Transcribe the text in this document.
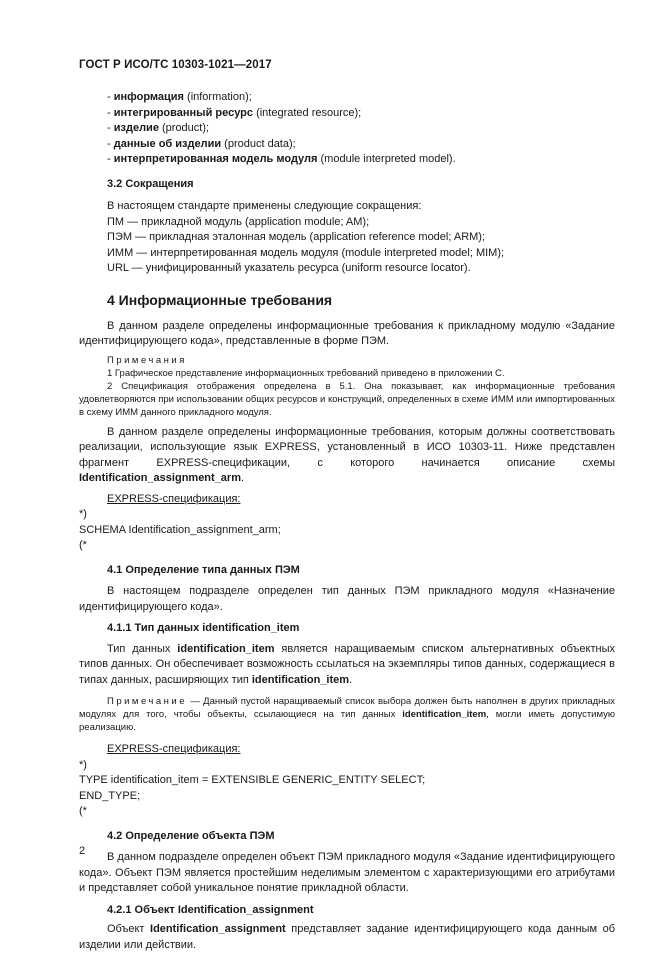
ГОСТ Р ИСО/ТС 10303-1021—2017

- информация (information);

- интегрированный ресурс (integrated resource);

- изделие (product);

- данные об изделии (product data);

- интерпретированная модель модуля (module interpreted model).

3.2 Сокращения

В настоящем стандарте применены следующие сокращения:

ПМ — прикладной модуль (application module; AM);

ПЭМ — прикладная эталонная модель (application reference model; ARM);

ИММ — интерпретированная модель модуля (module interpreted model; MIM);

URL — унифицированный указатель ресурса (uniform resource locator).

4 Информационные требования

В данном разделе определены информационные требования к прикладному модулю «Задание идентифицирующего кода», представленные в форме ПЭМ.

Примечания

1 Графическое представление информационных требований приведено в приложении С.

2 Спецификация отображения определена в 5.1. Она показывает, как информационные требования удовлетворяются при использовании общих ресурсов и конструкций, определенных в схеме ИММ или импортированных в схему ИММ данного прикладного модуля.

В данном разделе определены информационные требования, которым должны соответствовать реализации, использующие язык EXPRESS, установленный в ИСО 10303-11. Ниже представлен фрагмент EXPRESS-спецификации, с которого начинается описание схемы Identification_assignment_arm.

EXPRESS-спецификация:

*)

SCHEMA Identification_assignment_arm;

(*

4.1 Определение типа данных ПЭМ

В настоящем подразделе определен тип данных ПЭМ прикладного модуля «Назначение идентифицирующего кода».

4.1.1 Тип данных identification_item

Тип данных identification_item является наращиваемым списком альтернативных объектных типов данных. Он обеспечивает возможность ссылаться на экземпляры типов данных, содержащиеся в типах данных, расширяющих тип identification_item.

Примечание — Данный пустой наращиваемый список выбора должен быть наполнен в других прикладных модулях для того, чтобы объекты, ссылающиеся на тип данных identification_item, могли иметь допустимую реализацию.

EXPRESS-спецификация:

*)

TYPE identification_item = EXTENSIBLE GENERIC_ENTITY SELECT;

END_TYPE;

(*

4.2 Определение объекта ПЭМ

В данном подразделе определен объект ПЭМ прикладного модуля «Задание идентифицирующего кода». Объект ПЭМ является простейшим неделимым элементом с характеризующими его атрибутами и представляет собой уникальное понятие прикладной области.

4.2.1 Объект Identification_assignment

Объект Identification_assignment представляет задание идентифицирующего кода данным об изделии или действии.

2
